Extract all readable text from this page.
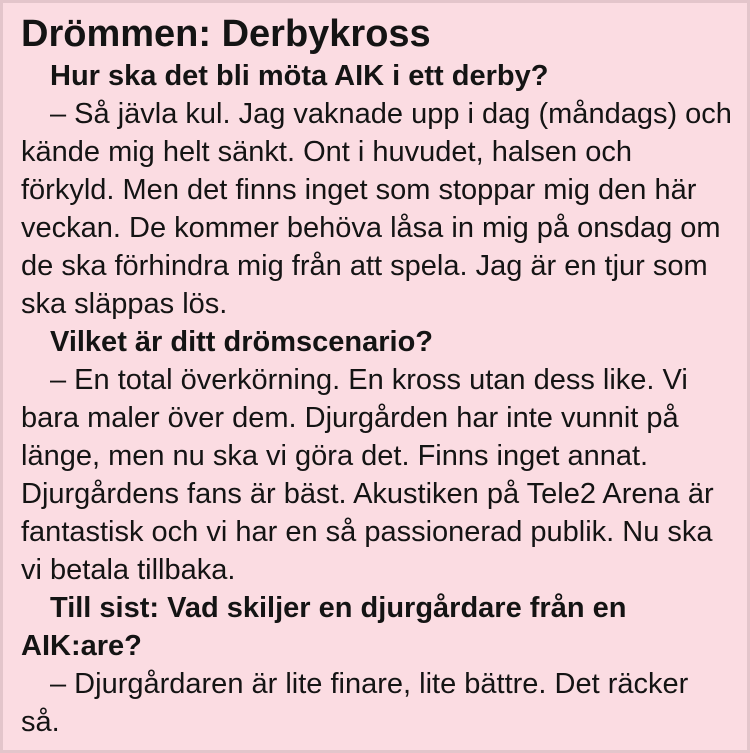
Drömmen: Derbykross

Hur ska det bli möta AIK i ett derby?

– Så jävla kul. Jag vaknade upp i dag (måndags) och kände mig helt sänkt. Ont i huvudet, halsen och förkyld. Men det finns inget som stoppar mig den här veckan. De kommer behöva låsa in mig på onsdag om de ska förhindra mig från att spela. Jag är en tjur som ska släppas lös.

Vilket är ditt drömscenario?

– En total överkörning. En kross utan dess like. Vi bara maler över dem. Djurgården har inte vunnit på länge, men nu ska vi göra det. Finns inget annat. Djurgårdens fans är bäst. Akustiken på Tele2 Arena är fantastisk och vi har en så passionerad publik. Nu ska vi betala tillbaka.

Till sist: Vad skiljer en djurgårdare från en AIK:are?

– Djurgårdaren är lite finare, lite bättre. Det räcker så.
